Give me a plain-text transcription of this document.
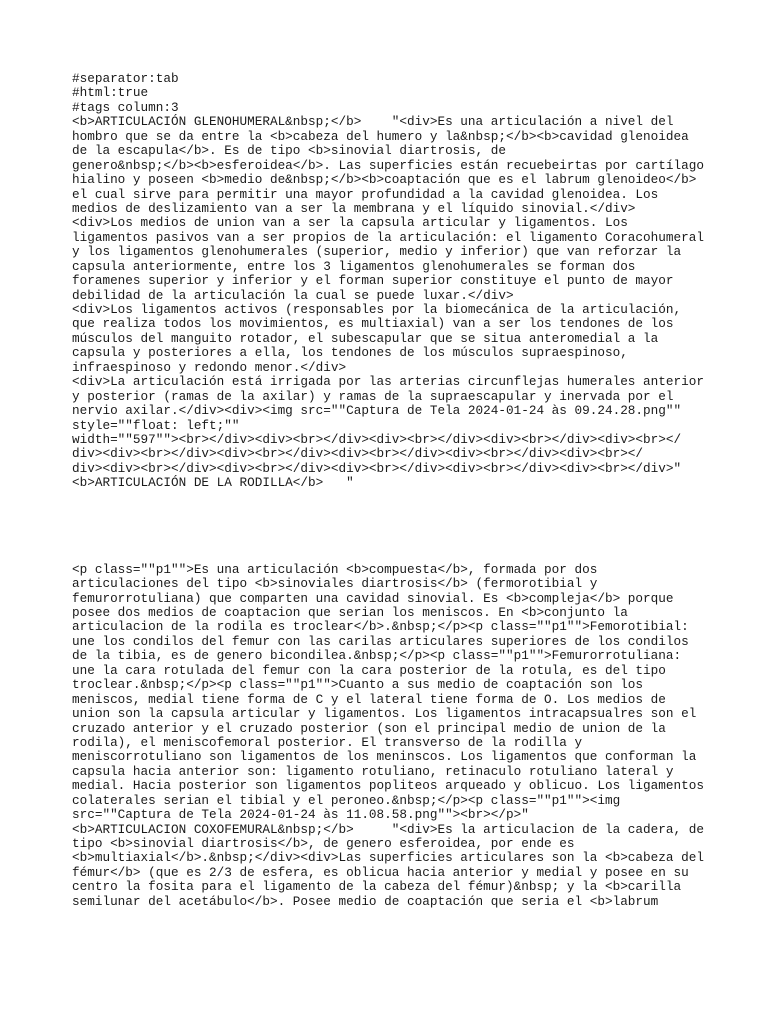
#separator:tab
#html:true
#tags column:3
<b>ARTICULACIÓN GLENOHUMERAL&nbsp;</b>    "<div>Es una articulación a nivel del
hombro que se da entre la <b>cabeza del humero y la&nbsp;</b><b>cavidad glenoidea
de la escapula</b>. Es de tipo <b>sinovial diartrosis, de
genero&nbsp;</b><b>esferoidea</b>. Las superficies están recuebeirtas por cartílago
hialino y poseen <b>medio de&nbsp;</b><b>coaptación que es el labrum glenoideo</b>
el cual sirve para permitir una mayor profundidad a la cavidad glenoidea. Los
medios de deslizamiento van a ser la membrana y el líquido sinovial.</div>
<div>Los medios de union van a ser la capsula articular y ligamentos. Los
ligamentos pasivos van a ser propios de la articulación: el ligamento Coracohumeral
y los ligamentos glenohumerales (superior, medio y inferior) que van reforzar la
capsula anteriormente, entre los 3 ligamentos glenohumerales se forman dos
foramenes superior y inferior y el forman superior constituye el punto de mayor
debilidad de la articulación la cual se puede luxar.</div>
<div>Los ligamentos activos (responsables por la biomecánica de la articulación,
que realiza todos los movimientos, es multiaxial) van a ser los tendones de los
músculos del manguito rotador, el subescapular que se situa anteromedial a la
capsula y posteriores a ella, los tendones de los músculos supraespinoso,
infraespinoso y redondo menor.</div>
<div>La articulación está irrigada por las arterias circunflejas humerales anterior
y posterior (ramas de la axilar) y ramas de la supraescapular y inervada por el
nervio axilar.</div><div><img src=""Captura de Tela 2024-01-24 às 09.24.28.png""
style=""float: left;""
width=""597""><br></div><div><br></div><div><br></div><div><br></div><div><br></
div><div><br></div><div><br></div><div><br></div><div><br></div><div><br></
div><div><br></div><div><br></div><div><br></div><div><br></div><div><br></div>"
<b>ARTICULACIÓN DE LA RODILLA</b>   "
<p class=""p1"">Es una articulación <b>compuesta</b>, formada por dos
articulaciones del tipo <b>sinoviales diartrosis</b> (fermorotibial y
femurorrotuliana) que comparten una cavidad sinovial. Es <b>compleja</b> porque
posee dos medios de coaptacion que serian los meniscos. En <b>conjunto la
articulacion de la rodila es troclear</b>.&nbsp;</p><p class=""p1"">Femorotibial:
une los condilos del femur con las carilas articulares superiores de los condilos
de la tibia, es de genero bicondilea.&nbsp;</p><p class=""p1"">Femurorrotuliana:
une la cara rotulada del femur con la cara posterior de la rotula, es del tipo
troclear.&nbsp;</p><p class=""p1"">Cuanto a sus medio de coaptación son los
meniscos, medial tiene forma de C y el lateral tiene forma de O. Los medios de
union son la capsula articular y ligamentos. Los ligamentos intracapsualres son el
cruzado anterior y el cruzado posterior (son el principal medio de union de la
rodila), el meniscofemoral posterior. El transverso de la rodilla y
meniscorrotuliano son ligamentos de los meninscos. Los ligamentos que conforman la
capsula hacia anterior son: ligamento rotuliano, retinaculo rotuliano lateral y
medial. Hacia posterior son ligamentos popliteos arqueado y oblicuo. Los ligamentos
colaterales serian el tibial y el peroneo.&nbsp;</p><p class=""p1""><img
src=""Captura de Tela 2024-01-24 às 11.08.58.png""><br></p>"
<b>ARTICULACION COXOFEMURAL&nbsp;</b>     "<div>Es la articulacion de la cadera, de
tipo <b>sinovial diartrosis</b>, de genero esferoidea, por ende es
<b>multiaxial</b>.&nbsp;</div><div>Las superficies articulares son la <b>cabeza del
fémur</b> (que es 2/3 de esfera, es oblicua hacia anterior y medial y posee en su
centro la fosita para el ligamento de la cabeza del fémur)&nbsp; y la <b>carilla
semilunar del acetábulo</b>. Posee medio de coaptación que seria el <b>labrum
